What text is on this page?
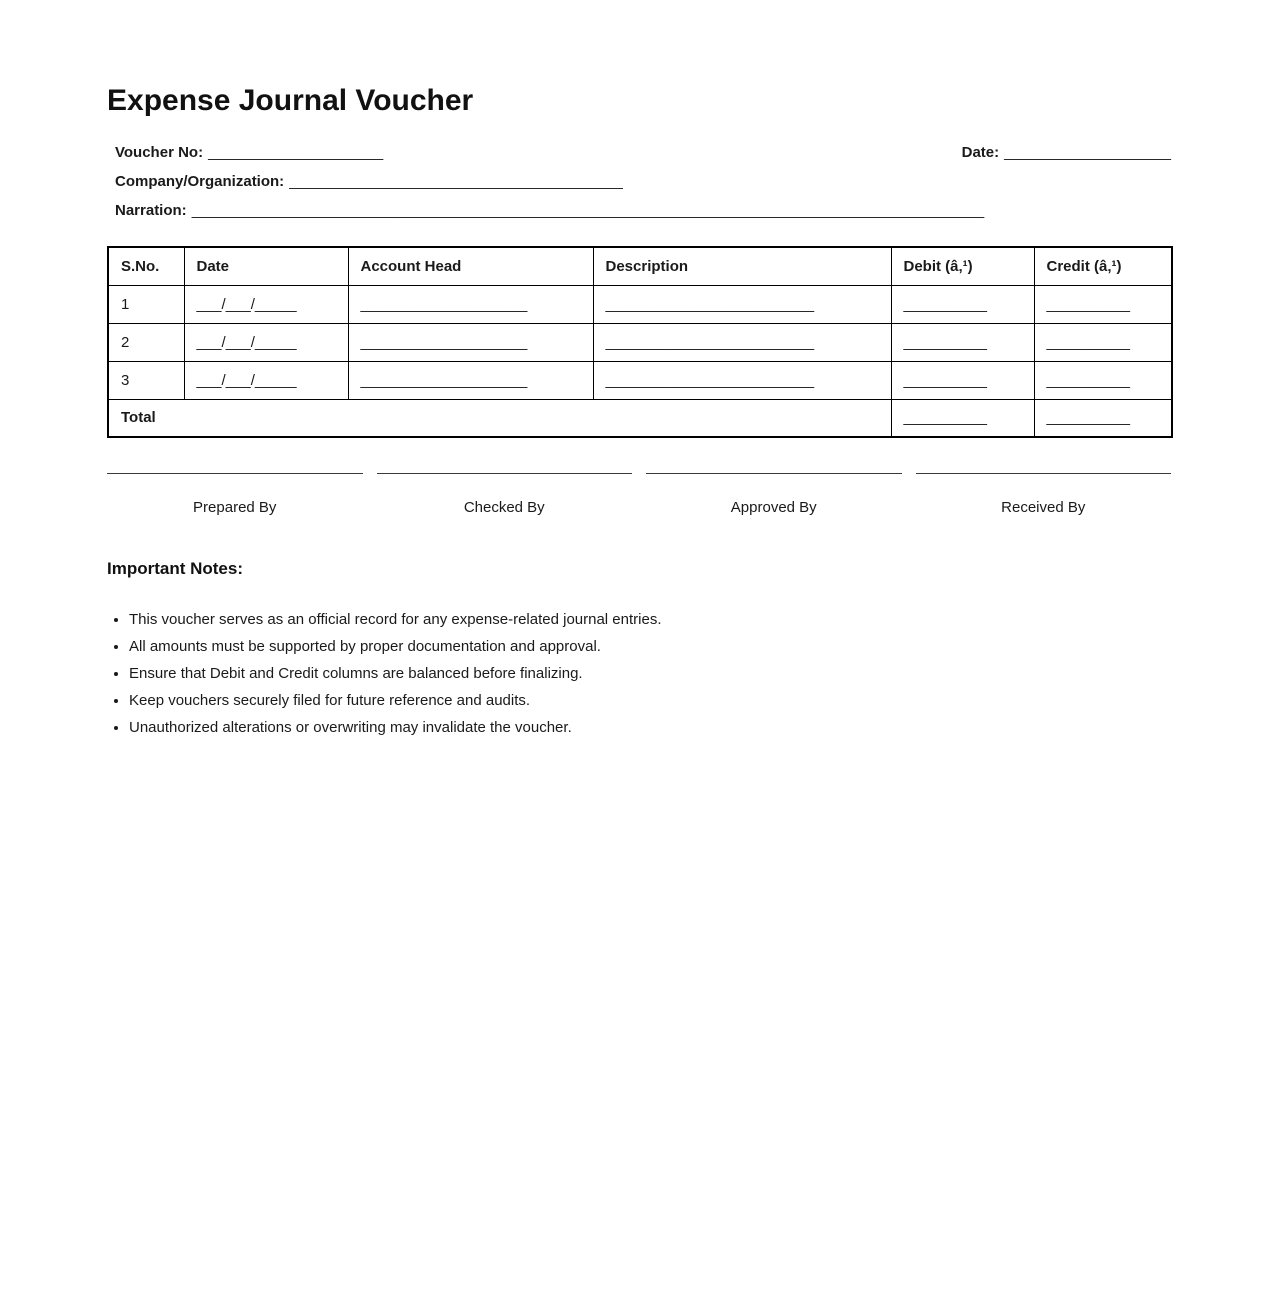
Expense Journal Voucher
Voucher No: _____________________	Date: ____________________
Company/Organization: ________________________________________
Narration: _______________________________________________________________________________________________
S.No.	Date	Account Head	Description	Debit (â‚¹)	Credit (â‚¹)
1	___/___/_____	____________________	_________________________	__________	__________
2	___/___/_____	____________________	_________________________	__________	__________
3	___/___/_____	____________________	_________________________	__________	__________
Total				__________	__________
Prepared By	Checked By	Approved By	Received By
Important Notes:
• This voucher serves as an official record for any expense-related journal entries.
• All amounts must be supported by proper documentation and approval.
• Ensure that Debit and Credit columns are balanced before finalizing.
• Keep vouchers securely filed for future reference and audits.
• Unauthorized alterations or overwriting may invalidate the voucher.
